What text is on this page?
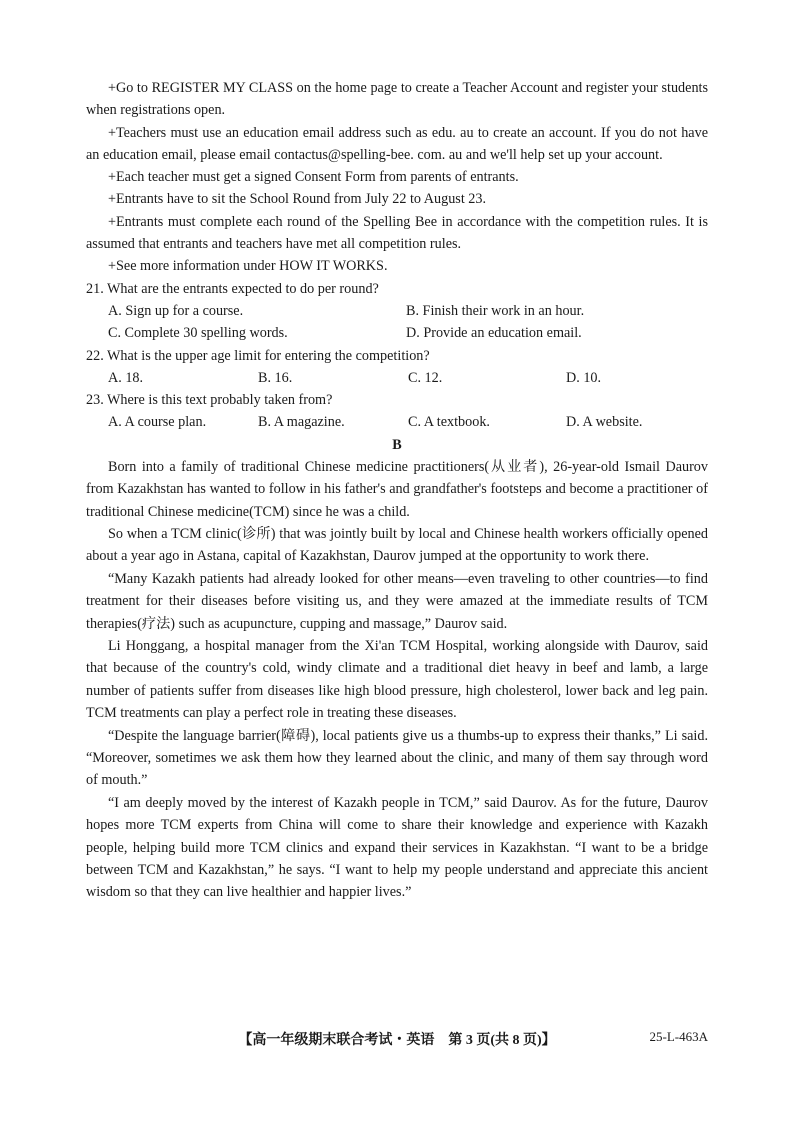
+Go to REGISTER MY CLASS on the home page to create a Teacher Account and register your students when registrations open.

+Teachers must use an education email address such as edu. au to create an account. If you do not have an education email, please email contactus@spelling-bee. com. au and we'll help set up your account.

+Each teacher must get a signed Consent Form from parents of entrants.

+Entrants have to sit the School Round from July 22 to August 23.

+Entrants must complete each round of the Spelling Bee in accordance with the competition rules. It is assumed that entrants and teachers have met all competition rules.

+See more information under HOW IT WORKS.

21. What are the entrants expected to do per round?

A. Sign up for a course.	B. Finish their work in an hour.
C. Complete 30 spelling words.	D. Provide an education email.

22. What is the upper age limit for entering the competition?

A. 18.	B. 16.	C. 12.	D. 10.

23. Where is this text probably taken from?

A. A course plan.	B. A magazine.	C. A textbook.	D. A website.

B

Born into a family of traditional Chinese medicine practitioners(从业者), 26-year-old Ismail Daurov from Kazakhstan has wanted to follow in his father's and grandfather's footsteps and become a practitioner of traditional Chinese medicine(TCM) since he was a child.

So when a TCM clinic(诊所) that was jointly built by local and Chinese health workers officially opened about a year ago in Astana, capital of Kazakhstan, Daurov jumped at the opportunity to work there.

“Many Kazakh patients had already looked for other means—even traveling to other countries—to find treatment for their diseases before visiting us, and they were amazed at the immediate results of TCM therapies(疗法) such as acupuncture, cupping and massage,” Daurov said.

Li Honggang, a hospital manager from the Xi'an TCM Hospital, working alongside with Daurov, said that because of the country's cold, windy climate and a traditional diet heavy in beef and lamb, a large number of patients suffer from diseases like high blood pressure, high cholesterol, lower back and leg pain. TCM treatments can play a perfect role in treating these diseases.

“Despite the language barrier(障碍), local patients give us a thumbs-up to express their thanks,” Li said. “Moreover, sometimes we ask them how they learned about the clinic, and many of them say through word of mouth.”

“I am deeply moved by the interest of Kazakh people in TCM,” said Daurov. As for the future, Daurov hopes more TCM experts from China will come to share their knowledge and experience with Kazakh people, helping build more TCM clinics and expand their services in Kazakhstan. “I want to be a bridge between TCM and Kazakhstan,” he says. “I want to help my people understand and appreciate this ancient wisdom so that they can live healthier and happier lives.”

【高一年级期末联合考试・英语　第 3 页(共 8 页)】	25-L-463A
